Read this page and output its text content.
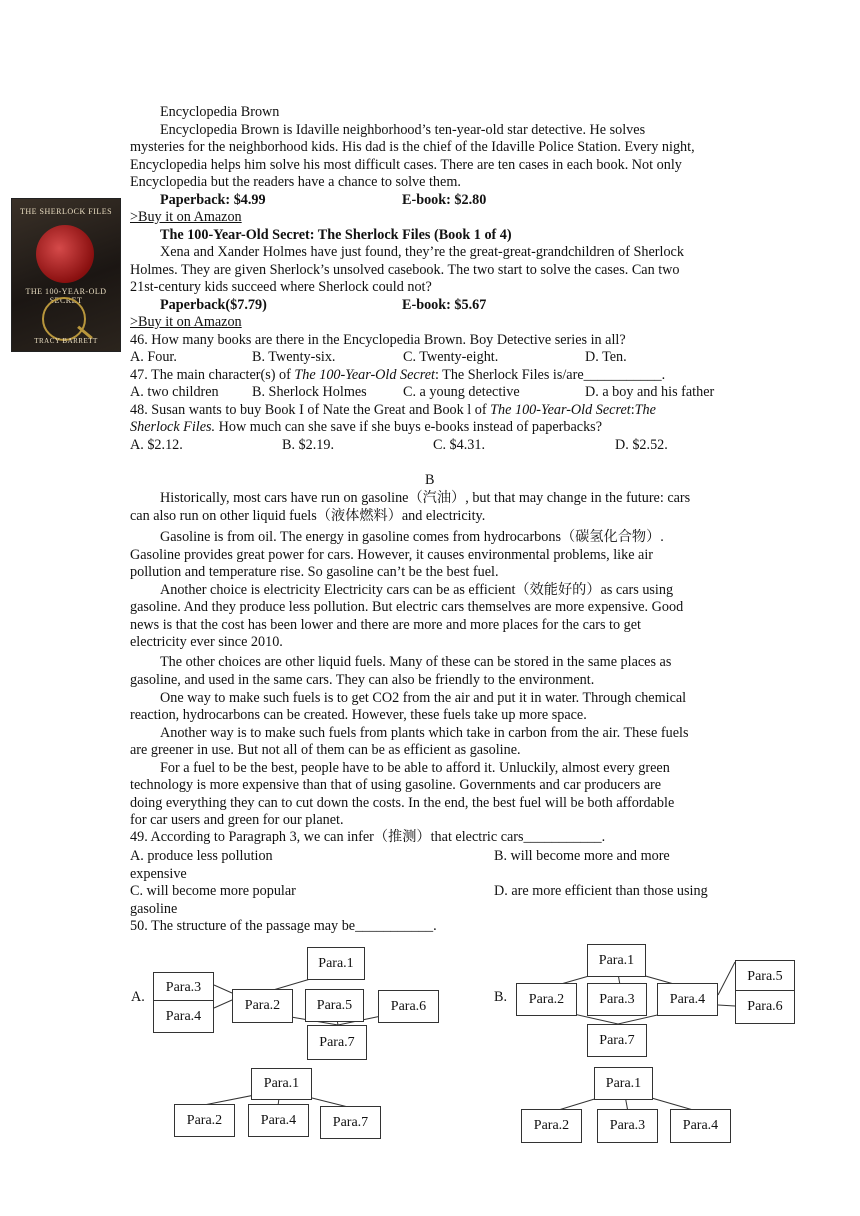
THE SHERLOCK FILES
THE 100-YEAR-OLD SECRET
TRACY BARRETT
Encyclopedia Brown
Encyclopedia Brown is Idaville neighborhood’s ten-year-old star detective. He solves
mysteries for the neighborhood kids. His dad is the chief of the Idaville Police Station. Every night,
Encyclopedia helps him solve his most difficult cases. There are ten cases in each book. Not only
Encyclopedia but the readers have a chance to solve them.
Paperback: $4.99	E-book: $2.80
>Buy it on Amazon
The 100-Year-Old Secret: The Sherlock Files (Book 1 of 4)
Xena and Xander Holmes have just found, they’re the great-great-grandchildren of Sherlock
Holmes. They are given Sherlock’s unsolved casebook. The two start to solve the cases. Can two
21st-century kids succeed where Sherlock could not?
Paperback($7.79)	E-book: $5.67
>Buy it on Amazon
46. How many books are there in the Encyclopedia Brown. Boy Detective series in all?
A. Four.	B. Twenty-six.	C. Twenty-eight.	D. Ten.
47. The main character(s) of The 100-Year-Old Secret: The Sherlock Files is/are___________.
A. two children B. Sherlock Holmes	C. a young detective	D. a boy and his father
48. Susan wants to buy Book I of Nate the Great and Book l of The 100-Year-Old Secret:The
Sherlock Files. How much can she save if she buys e-books instead of paperbacks?
A. $2.12.	B. $2.19.	C. $4.31.	D. $2.52.
B
Historically, most cars have run on gasoline（汽油）, but that may change in the future: cars
can also run on other liquid fuels（液体燃料）and electricity.
Gasoline is from oil. The energy in gasoline comes from hydrocarbons（碳氢化合物）.
Gasoline provides great power for cars. However, it causes environmental problems, like air
pollution and temperature rise. So gasoline can’t be the best fuel.
Another choice is electricity Electricity cars can be as efficient（效能好的）as cars using
gasoline. And they produce less pollution. But electric cars themselves are more expensive. Good
news is that the cost has been lower and there are more and more places for the cars to get
electricity ever since 2010.
The other choices are other liquid fuels. Many of these can be stored in the same places as
gasoline, and used in the same cars. They can also be friendly to the environment.
One way to make such fuels is to get CO2 from the air and put it in water. Through chemical
reaction, hydrocarbons can be created. However, these fuels take up more space.
Another way is to make such fuels from plants which take in carbon from the air. These fuels
are greener in use. But not all of them can be as efficient as gasoline.
For a fuel to be the best, people have to be able to afford it. Unluckily, almost every green
technology is more expensive than that of using gasoline. Governments and car producers are
doing everything they can to cut down the costs. In the end, the best fuel will be both affordable
for car users and green for our planet.
49. According to Paragraph 3, we can infer（推测）that electric cars___________.
A. produce less pollution	B. will become more and more
expensive
C. will become more popular	D. are more efficient than those using
gasoline
50. The structure of the passage may be___________.
A.
Para.1
Para.3
Para.4
Para.2	Para.5	Para.6
Para.7
B.
Para.1
Para.2	Para.3	Para.4
Para.5
Para.6
Para.7
Para.1
Para.2	Para.4	Para.7
Para.1
Para.2	Para.3	Para.4
